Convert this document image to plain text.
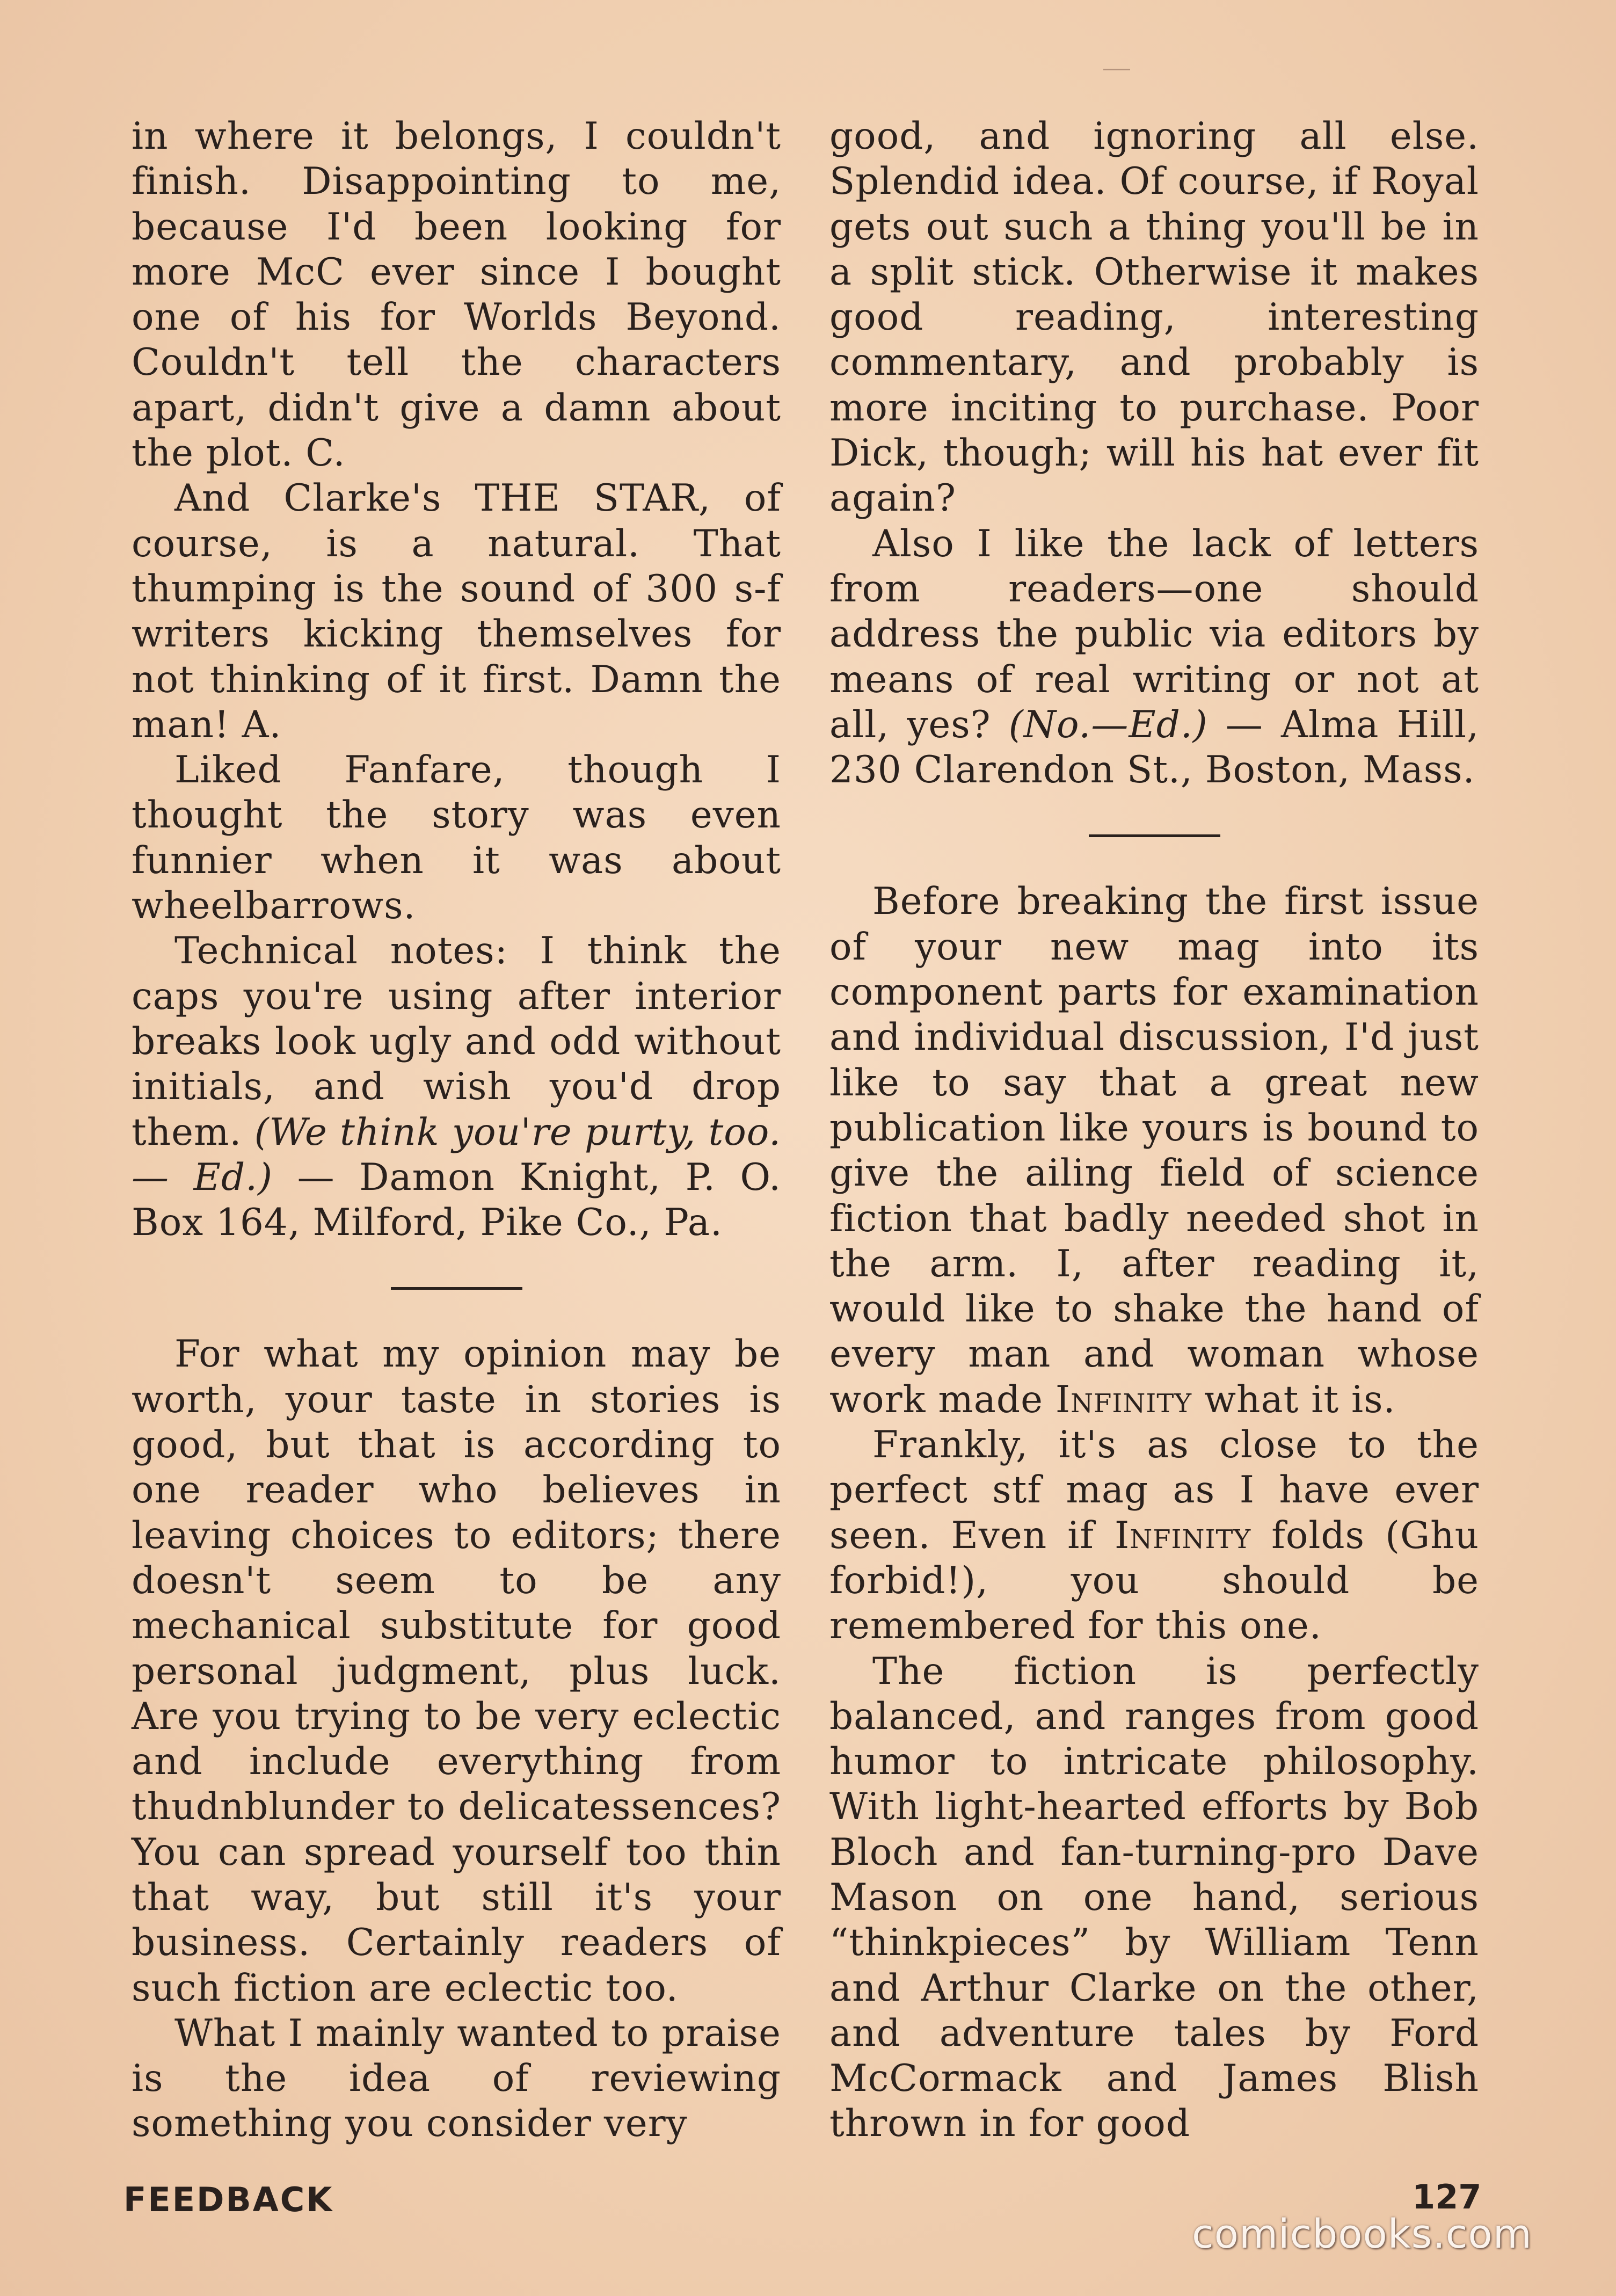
in where it belongs, I couldn't finish. Disappointing to me, because I'd been looking for more McC ever since I bought one of his for Worlds Beyond. Couldn't tell the characters apart, didn't give a damn about the plot. C.

And Clarke's THE STAR, of course, is a natural. That thumping is the sound of 300 s-f writers kicking themselves for not thinking of it first. Damn the man! A.

Liked Fanfare, though I thought the story was even funnier when it was about wheelbarrows.

Technical notes: I think the caps you're using after interior breaks look ugly and odd without initials, and wish you'd drop them. (We think you're purty, too. — Ed.) — Damon Knight, P. O. Box 164, Milford, Pike Co., Pa.

For what my opinion may be worth, your taste in stories is good, but that is according to one reader who believes in leaving choices to editors; there doesn't seem to be any mechanical substitute for good personal judgment, plus luck. Are you trying to be very eclectic and include everything from thudnblunder to delicatessences? You can spread yourself too thin that way, but still it's your business. Certainly readers of such fiction are eclectic too.

What I mainly wanted to praise is the idea of reviewing something you consider very

good, and ignoring all else. Splendid idea. Of course, if Royal gets out such a thing you'll be in a split stick. Otherwise it makes good reading, interesting commentary, and probably is more inciting to purchase. Poor Dick, though; will his hat ever fit again?

Also I like the lack of letters from readers—one should address the public via editors by means of real writing or not at all, yes? (No.—Ed.) — Alma Hill, 230 Clarendon St., Boston, Mass.

Before breaking the first issue of your new mag into its component parts for examination and individual discussion, I'd just like to say that a great new publication like yours is bound to give the ailing field of science fiction that badly needed shot in the arm. I, after reading it, would like to shake the hand of every man and woman whose work made Infinity what it is.

Frankly, it's as close to the perfect stf mag as I have ever seen. Even if Infinity folds (Ghu forbid!), you should be remembered for this one.

The fiction is perfectly balanced, and ranges from good humor to intricate philosophy. With light-hearted efforts by Bob Bloch and fan-turning-pro Dave Mason on one hand, serious “thinkpieces” by William Tenn and Arthur Clarke on the other, and adventure tales by Ford McCormack and James Blish thrown in for good

FEEDBACK	127
comicbooks.com
